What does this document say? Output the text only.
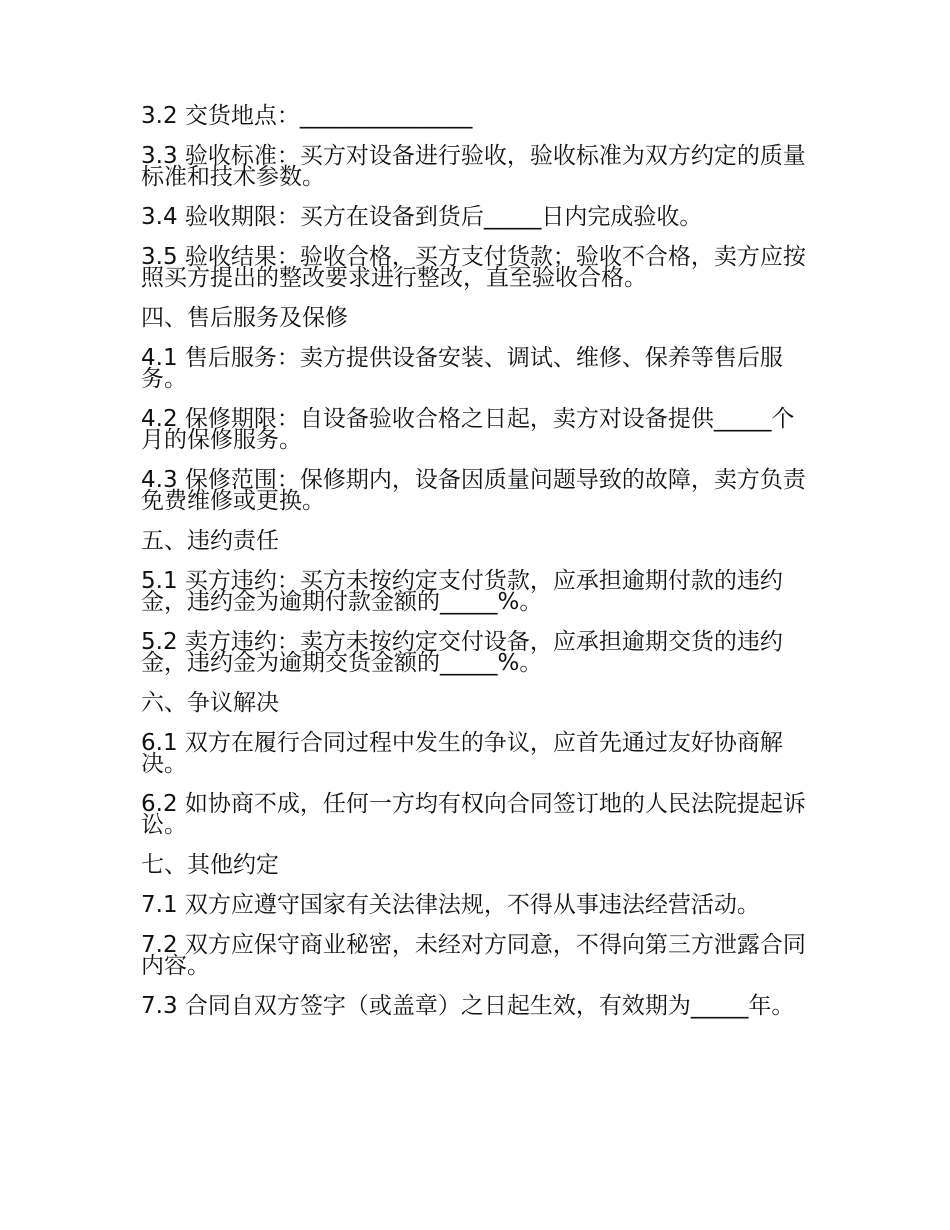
3.2 交货地点：_______________

3.3 验收标准：买方对设备进行验收，验收标准为双方约定的质量标准和技术参数。

3.4 验收期限：买方在设备到货后_____日内完成验收。

3.5 验收结果：验收合格，买方支付货款；验收不合格，卖方应按照买方提出的整改要求进行整改，直至验收合格。

四、售后服务及保修

4.1 售后服务：卖方提供设备安装、调试、维修、保养等售后服务。

4.2 保修期限：自设备验收合格之日起，卖方对设备提供_____个月的保修服务。

4.3 保修范围：保修期内，设备因质量问题导致的故障，卖方负责免费维修或更换。

五、违约责任

5.1 买方违约：买方未按约定支付货款，应承担逾期付款的违约金，违约金为逾期付款金额的_____%。

5.2 卖方违约：卖方未按约定交付设备，应承担逾期交货的违约金，违约金为逾期交货金额的_____%。

六、争议解决

6.1 双方在履行合同过程中发生的争议，应首先通过友好协商解决。

6.2 如协商不成，任何一方均有权向合同签订地的人民法院提起诉讼。

七、其他约定

7.1 双方应遵守国家有关法律法规，不得从事违法经营活动。

7.2 双方应保守商业秘密，未经对方同意，不得向第三方泄露合同内容。

7.3 合同自双方签字（或盖章）之日起生效，有效期为_____年。
